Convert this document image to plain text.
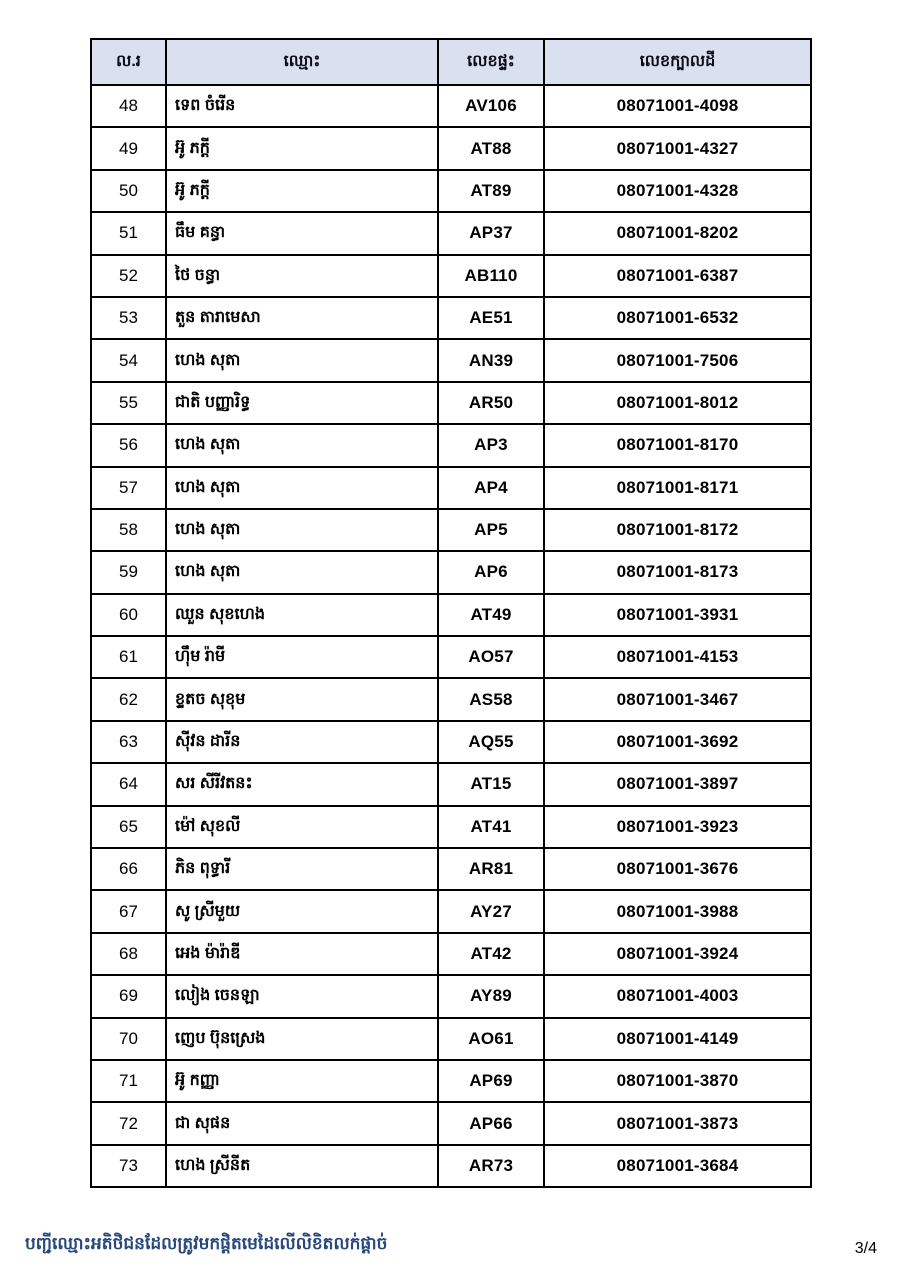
ល.រ	ឈ្មោះ	លេខផ្ទះ	លេខក្បាលដី
48	ទេព ចំរើន	AV106	08071001-4098
49	អ៊ូ ភក្តី	AT88	08071001-4327
50	អ៊ូ ភក្តី	AT89	08071001-4328
51	ធឹម គន្ធា	AP37	08071001-8202
52	ថៃ ចន្ធា	AB110	08071001-6387
53	តួន តារាមេសា	AE51	08071001-6532
54	ហេង សុតា	AN39	08071001-7506
55	ជាតិ បញ្ញារិទ្ធ	AR50	08071001-8012
56	ហេង សុតា	AP3	08071001-8170
57	ហេង សុតា	AP4	08071001-8171
58	ហេង សុតា	AP5	08071001-8172
59	ហេង សុតា	AP6	08071001-8173
60	ឈួន សុខហេង	AT49	08071001-3931
61	ហ៊ឹម រ៉ាមី	AO57	08071001-4153
62	ខ្ទតច សុខុម	AS58	08071001-3467
63	ស៊ីវន ដារីន	AQ55	08071001-3692
64	សរ សីរីវតនះ	AT15	08071001-3897
65	ម៉ៅ សុខលី	AT41	08071001-3923
66	ភិន ពុទ្ធារី	AR81	08071001-3676
67	សូ ស្រីមួយ	AY27	08071001-3988
68	អេង ម៉ារ៉ាឌី	AT42	08071001-3924
69	លៀង ចេនឡា	AY89	08071001-4003
70	ញេប ប៊ុនស្រេង	AO61	08071001-4149
71	អ៊ូ កញ្ញា	AP69	08071001-3870
72	ជា សុផន	AP66	08071001-3873
73	ហេង ស្រីនីត	AR73	08071001-3684
បញ្ជីឈ្មោះអតិថិជនដែលត្រូវមកផ្តិតមេដៃលើលិខិតលក់ផ្តាច់	3/4
